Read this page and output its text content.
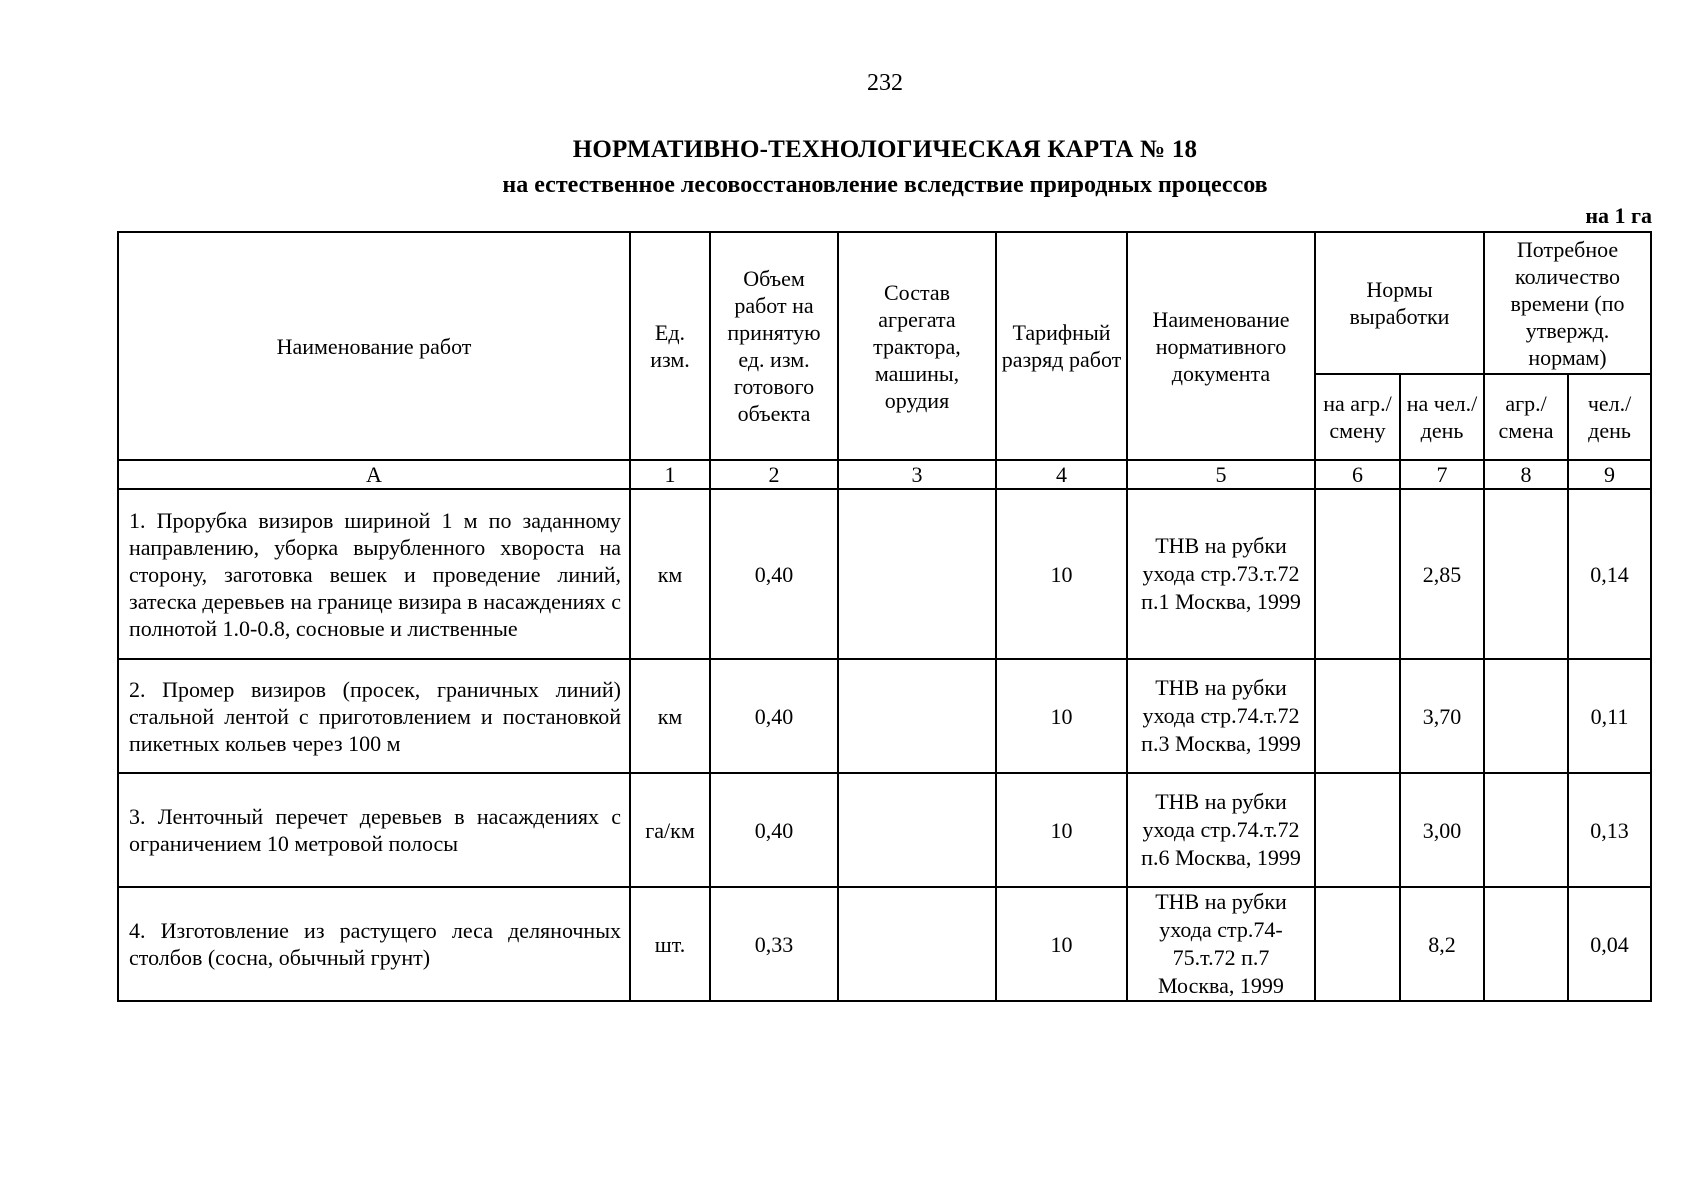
232
НОРМАТИВНО-ТЕХНОЛОГИЧЕСКАЯ КАРТА № 18
на естественное лесовосстановление вследствие природных процессов
на 1 га
Наименование работ	Ед. изм.	Объем работ на принятую ед. изм. готового объекта	Состав агрегата трактора, машины, орудия	Тарифный разряд работ	Наименование нормативного документа	Нормы выработки		Потребное количество времени (по утвержд. нормам)	
						на агр./ смену	на чел./ день	агр./ смена	чел./ день
А	1	2	3	4	5	6	7	8	9
1. Прорубка визиров шириной 1 м по заданному направлению, уборка вырубленного хвороста на сторону, заготовка вешек и проведение линий, затеска деревьев на границе визира в насаждениях с полнотой 1.0-0.8, сосновые и лиственные	км	0,40		10	ТНВ на рубки ухода стр.73.т.72 п.1 Москва, 1999		2,85		0,14
2. Промер визиров (просек, граничных линий) стальной лентой с приготовлением и постановкой пикетных кольев через 100 м	км	0,40		10	ТНВ на рубки ухода стр.74.т.72 п.3 Москва, 1999		3,70		0,11
3. Ленточный перечет деревьев в насаждениях с ограничением 10 метровой полосы	га/км	0,40		10	ТНВ на рубки ухода стр.74.т.72 п.6 Москва, 1999		3,00		0,13
4. Изготовление из растущего леса деляночных столбов (сосна, обычный грунт)	шт.	0,33		10	ТНВ на рубки ухода стр.74-75.т.72 п.7 Москва, 1999		8,2		0,04
